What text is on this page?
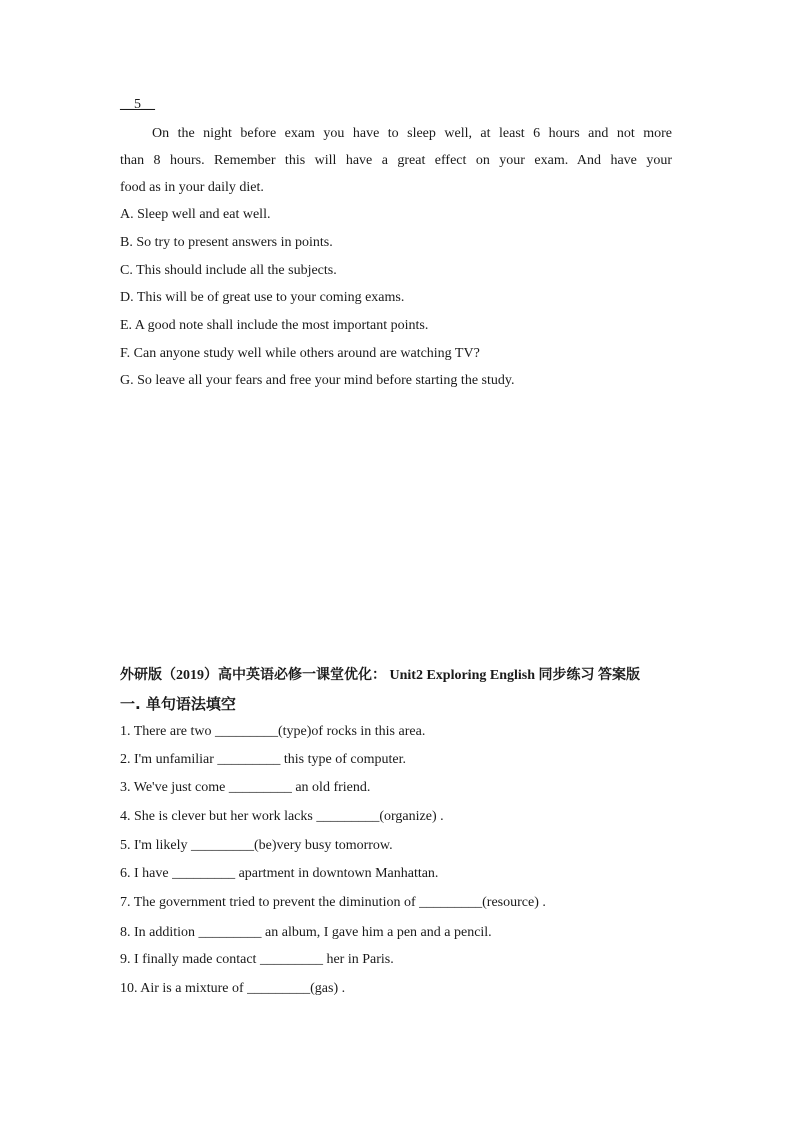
__5__
On the night before exam you have to sleep well, at least 6 hours and not more
than 8 hours. Remember this will have a great effect on your exam. And have your
food as in your daily diet.
A. Sleep well and eat well.
B. So try to present answers in points.
C. This should include all the subjects.
D. This will be of great use to your coming exams.
E. A good note shall include the most important points.
F. Can anyone study well while others around are watching TV?
G. So leave all your fears and free your mind before starting the study.
外研版（2019）高中英语必修一课堂优化： Unit2 Exploring English 同步练习 答案版
一. 单句语法填空
1. There are two _________(type)of rocks in this area.
2. I'm unfamiliar _________ this type of computer.
3. We've just come _________ an old friend.
4. She is clever but her work lacks _________(organize) .
5. I'm likely _________(be)very busy tomorrow.
6. I have _________ apartment in downtown Manhattan.
7. The government tried to prevent the diminution of _________(resource) .
8. In addition _________ an album, I gave him a pen and a pencil.
9. I finally made contact _________ her in Paris.
10. Air is a mixture of _________(gas) .
